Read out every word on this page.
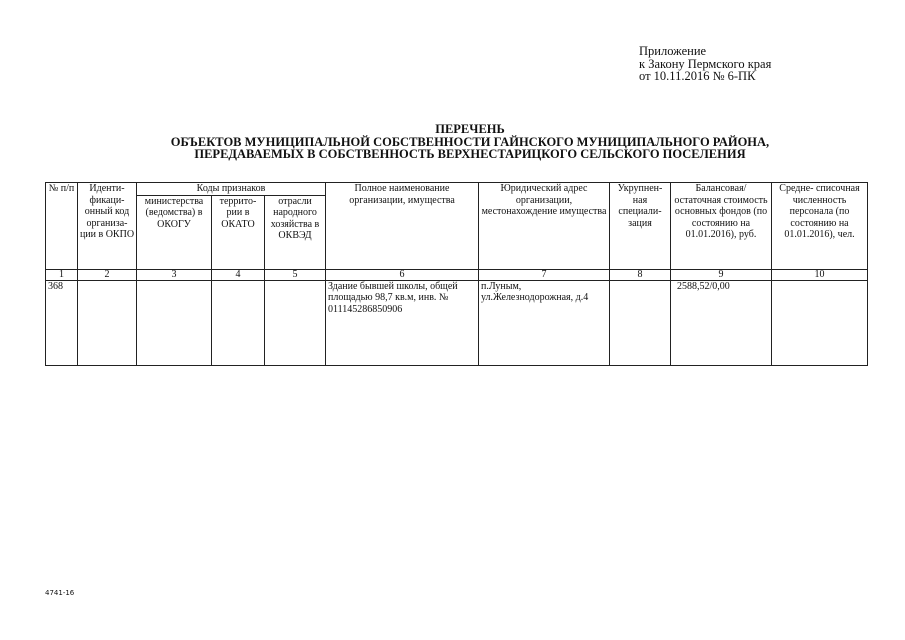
Приложение
к Закону Пермского края
от 10.11.2016 № 6-ПК
ПЕРЕЧЕНЬ
ОБЪЕКТОВ МУНИЦИПАЛЬНОЙ СОБСТВЕННОСТИ ГАЙНСКОГО МУНИЦИПАЛЬНОГО РАЙОНА,
ПЕРЕДАВАЕМЫХ В СОБСТВЕННОСТЬ ВЕРХНЕСТАРИЦКОГО СЕЛЬСКОГО ПОСЕЛЕНИЯ
№ п/п	Иденти- фикаци- онный код организа- ции в ОКПО	Коды признаков			Полное наименование организации, имущества	Юридический адрес организации, местонахождение имущества	Укрупнен- ная специали- зация	Балансовая/ остаточная стоимость основных фондов (по состоянию на 01.01.2016), руб.	Средне- списочная численность персонала (по состоянию на 01.01.2016), чел.
		министерства (ведомства) в ОКОГУ	террито- рии в ОКАТО	отрасли народного хозяйства в ОКВЭД					
1	2	3	4	5	6	7	8	9	10
368					Здание бывшей школы, общей площадью 98,7 кв.м, инв. № 011145286850906	п.Луным, ул.Железнодорожная, д.4		2588,52/0,00	
4741-16
